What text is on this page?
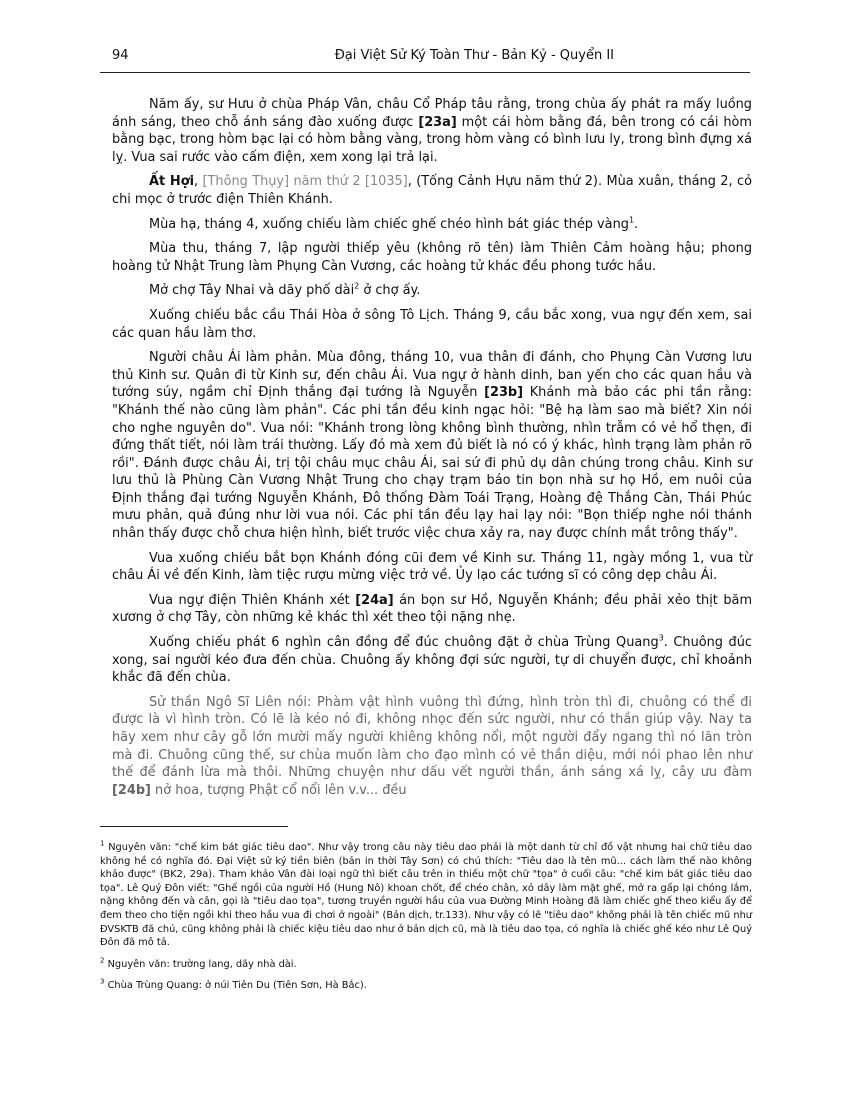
94	Đại Việt Sử Ký Toàn Thư - Bản Kỷ - Quyển II

Năm ấy, sư Hưu ở chùa Pháp Vân, châu Cổ Pháp tâu rằng, trong chùa ấy phát ra mấy luồng ánh sáng, theo chỗ ánh sáng đào xuống được [23a] một cái hòm bằng đá, bên trong có cái hòm bằng bạc, trong hòm bạc lại có hòm bằng vàng, trong hòm vàng có bình lưu ly, trong bình đựng xá lỵ. Vua sai rước vào cấm điện, xem xong lại trả lại.

Ất Hợi, [Thông Thụy] năm thứ 2 [1035], (Tống Cảnh Hựu năm thứ 2). Mùa xuân, tháng 2, cỏ chi mọc ở trước điện Thiên Khánh.

Mùa hạ, tháng 4, xuống chiếu làm chiếc ghế chéo hình bát giác thép vàng$^1$.

Mùa thu, tháng 7, lập người thiếp yêu (không rõ tên) làm Thiên Cảm hoàng hậu; phong hoàng tử Nhật Trung làm Phụng Càn Vương, các hoàng tử khác đều phong tước hầu.

Mở chợ Tây Nhai và dãy phố dài$^2$ ở chợ ấy.

Xuống chiếu bắc cầu Thái Hòa ở sông Tô Lịch. Tháng 9, cầu bắc xong, vua ngự đến xem, sai các quan hầu làm thơ.

Người châu Ái làm phản. Mùa đông, tháng 10, vua thân đi đánh, cho Phụng Càn Vương lưu thủ Kinh sư. Quân đi từ Kinh sư, đến châu Ái. Vua ngự ở hành dinh, ban yến cho các quan hầu và tướng súy, ngầm chỉ Định thắng đại tướng là Nguyễn [23b] Khánh mà bảo các phi tần rằng: "Khánh thế nào cũng làm phản". Các phi tần đều kinh ngạc hỏi: "Bệ hạ làm sao mà biết? Xin nói cho nghe nguyên do". Vua nói: "Khánh trong lòng không bình thường, nhìn trẫm có vẻ hổ thẹn, đi đứng thất tiết, nói làm trái thường. Lấy đó mà xem đủ biết là nó có ý khác, hình trạng làm phản rõ rồi". Đánh được châu Ái, trị tội châu mục châu Ái, sai sứ đi phủ dụ dân chúng trong châu. Kinh sư lưu thủ là Phùng Càn Vương Nhật Trung cho chạy trạm báo tin bọn nhà sư họ Hồ, em nuôi của Định thắng đại tướng Nguyễn Khánh, Đô thống Đàm Toái Trạng, Hoàng đệ Thắng Càn, Thái Phúc mưu phản, quả đúng như lời vua nói. Các phi tần đều lạy hai lạy nói: "Bọn thiếp nghe nói thánh nhân thấy được chỗ chưa hiện hình, biết trước việc chưa xảy ra, nay được chính mắt trông thấy".

Vua xuống chiếu bắt bọn Khánh đóng cũi đem về Kinh sư. Tháng 11, ngày mồng 1, vua từ châu Ái về đến Kinh, làm tiệc rượu mừng việc trở về. Ủy lạo các tướng sĩ có công dẹp châu Ái.

Vua ngự điện Thiên Khánh xét [24a] án bọn sư Hồ, Nguyễn Khánh; đều phải xẻo thịt băm xương ở chợ Tây, còn những kẻ khác thì xét theo tội nặng nhẹ.

Xuống chiếu phát 6 nghìn cân đồng để đúc chuông đặt ở chùa Trùng Quang$^3$. Chuông đúc xong, sai người kéo đưa đến chùa. Chuông ấy không đợi sức người, tự di chuyển được, chỉ khoảnh khắc đã đến chùa.

Sử thần Ngô Sĩ Liên nói: Phàm vật hình vuông thì đứng, hình tròn thì đi, chuông có thể đi được là vì hình tròn. Có lẽ là kéo nó đi, không nhọc đến sức người, như có thần giúp vậy. Nay ta hãy xem như cây gỗ lớn mười mấy người khiêng không nổi, một người đẩy ngang thì nó lăn tròn mà đi. Chuông cũng thế, sư chùa muốn làm cho đạo mình có vẻ thần diệu, mới nói phao lên như thế để đánh lừa mà thôi. Những chuyện như dấu vết người thần, ánh sáng xá lỵ, cây ưu đàm [24b] nở hoa, tượng Phật cổ nổi lên v.v... đều

$^1$ Nguyên văn: "chế kim bát giác tiêu dao". Như vậy trong câu này tiêu dao phải là một danh từ chỉ đồ vật nhưng hai chữ tiêu dao không hề có nghĩa đó. Đại Việt sử ký tiền biên (bản in thời Tây Sơn) có chú thích: "Tiêu dao là tên mũ... cách làm thế nào không khảo được" (BK2, 29a). Tham khảo Vân đài loại ngữ thì biết câu trên in thiếu một chữ "tọa" ở cuối câu: "chế kim bát giác tiêu dao tọa". Lê Quý Đôn viết: "Ghế ngồi của người Hồ (Hung Nô) khoan chốt, để chéo chân, xỏ dây làm mặt ghế, mở ra gấp lại chóng lắm, nặng không đến và cân, gọi là "tiêu dao tọa", tương truyền người hầu của vua Đường Minh Hoàng đã làm chiếc ghế theo kiểu ấy để đem theo cho tiện ngồi khi theo hầu vua đi chơi ở ngoài" (Bản dịch, tr.133). Như vậy có lẽ "tiêu dao" không phải là tên chiếc mũ như ĐVSKTB đã chú, cũng không phải là chiếc kiệu tiêu dao như ở bản dịch cũ, mà là tiêu dao tọa, có nghĩa là chiếc ghế kéo như Lê Quý Đôn đã mô tả.

$^2$ Nguyên văn: trường lang, dãy nhà dài.

$^3$ Chùa Trùng Quang: ở núi Tiên Du (Tiên Sơn, Hà Bắc).
